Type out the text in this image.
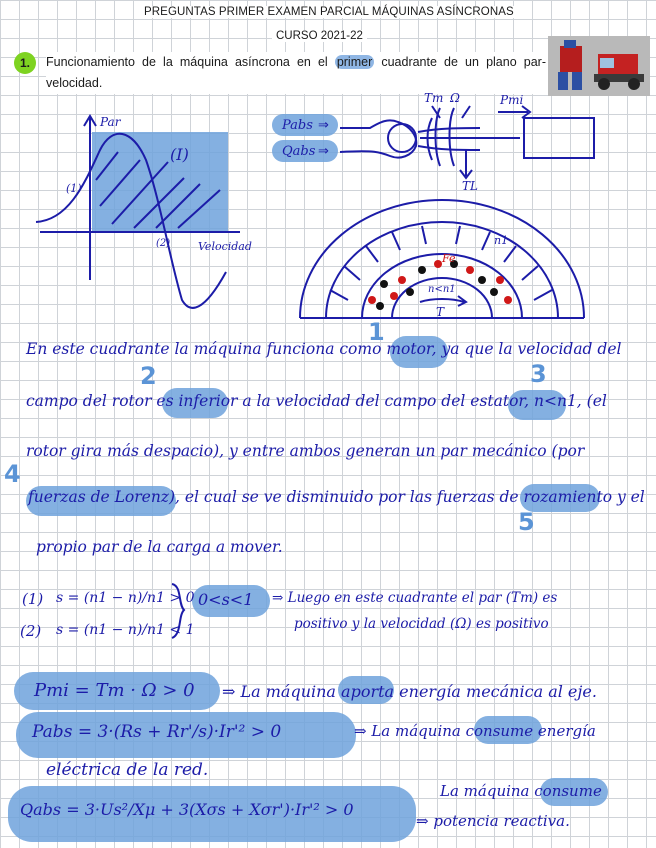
PREGUNTAS PRIMER EXAMEN PARCIAL MÁQUINAS ASÍNCRONAS
CURSO 2021-22
1.	Funcionamiento de la máquina asíncrona en el primer cuadrante de un plano par-velocidad.
Par
(I)
(1)
(2)	Velocidad
Pabs ⇒
Qabs ⇒
Tm Ω	Pmi
TL
n1
n<n1
T
Fe
1
2	3
4
5
En este cuadrante la máquina funciona como motor, ya que la velocidad del
campo del rotor es inferior a la velocidad del campo del estator, n<n1, (el
rotor gira más despacio), y entre ambos generan un par mecánico (por
fuerzas de Lorenz), el cual se ve disminuido por las fuerzas de rozamiento y el
propio par de la carga a mover.
(1) s = (n1 − n)/n1 > 0
(2) s = (n1 − n)/n1 < 1
0<s<1 ⇒ Luego en este cuadrante el par (Tm) es
positivo y la velocidad (Ω) es positivo
Pmi = Tm · Ω > 0 ⇒ La máquina aporta energía mecánica al eje.
Pabs = 3·(Rs + Rr'/s)·Ir'² > 0	⇒ La máquina consume energía
eléctrica de la red.
Qabs = 3·Us²/Xμ + 3(Xσs + Xσr')·Ir'² > 0
La máquina consume
⇒ potencia reactiva.
